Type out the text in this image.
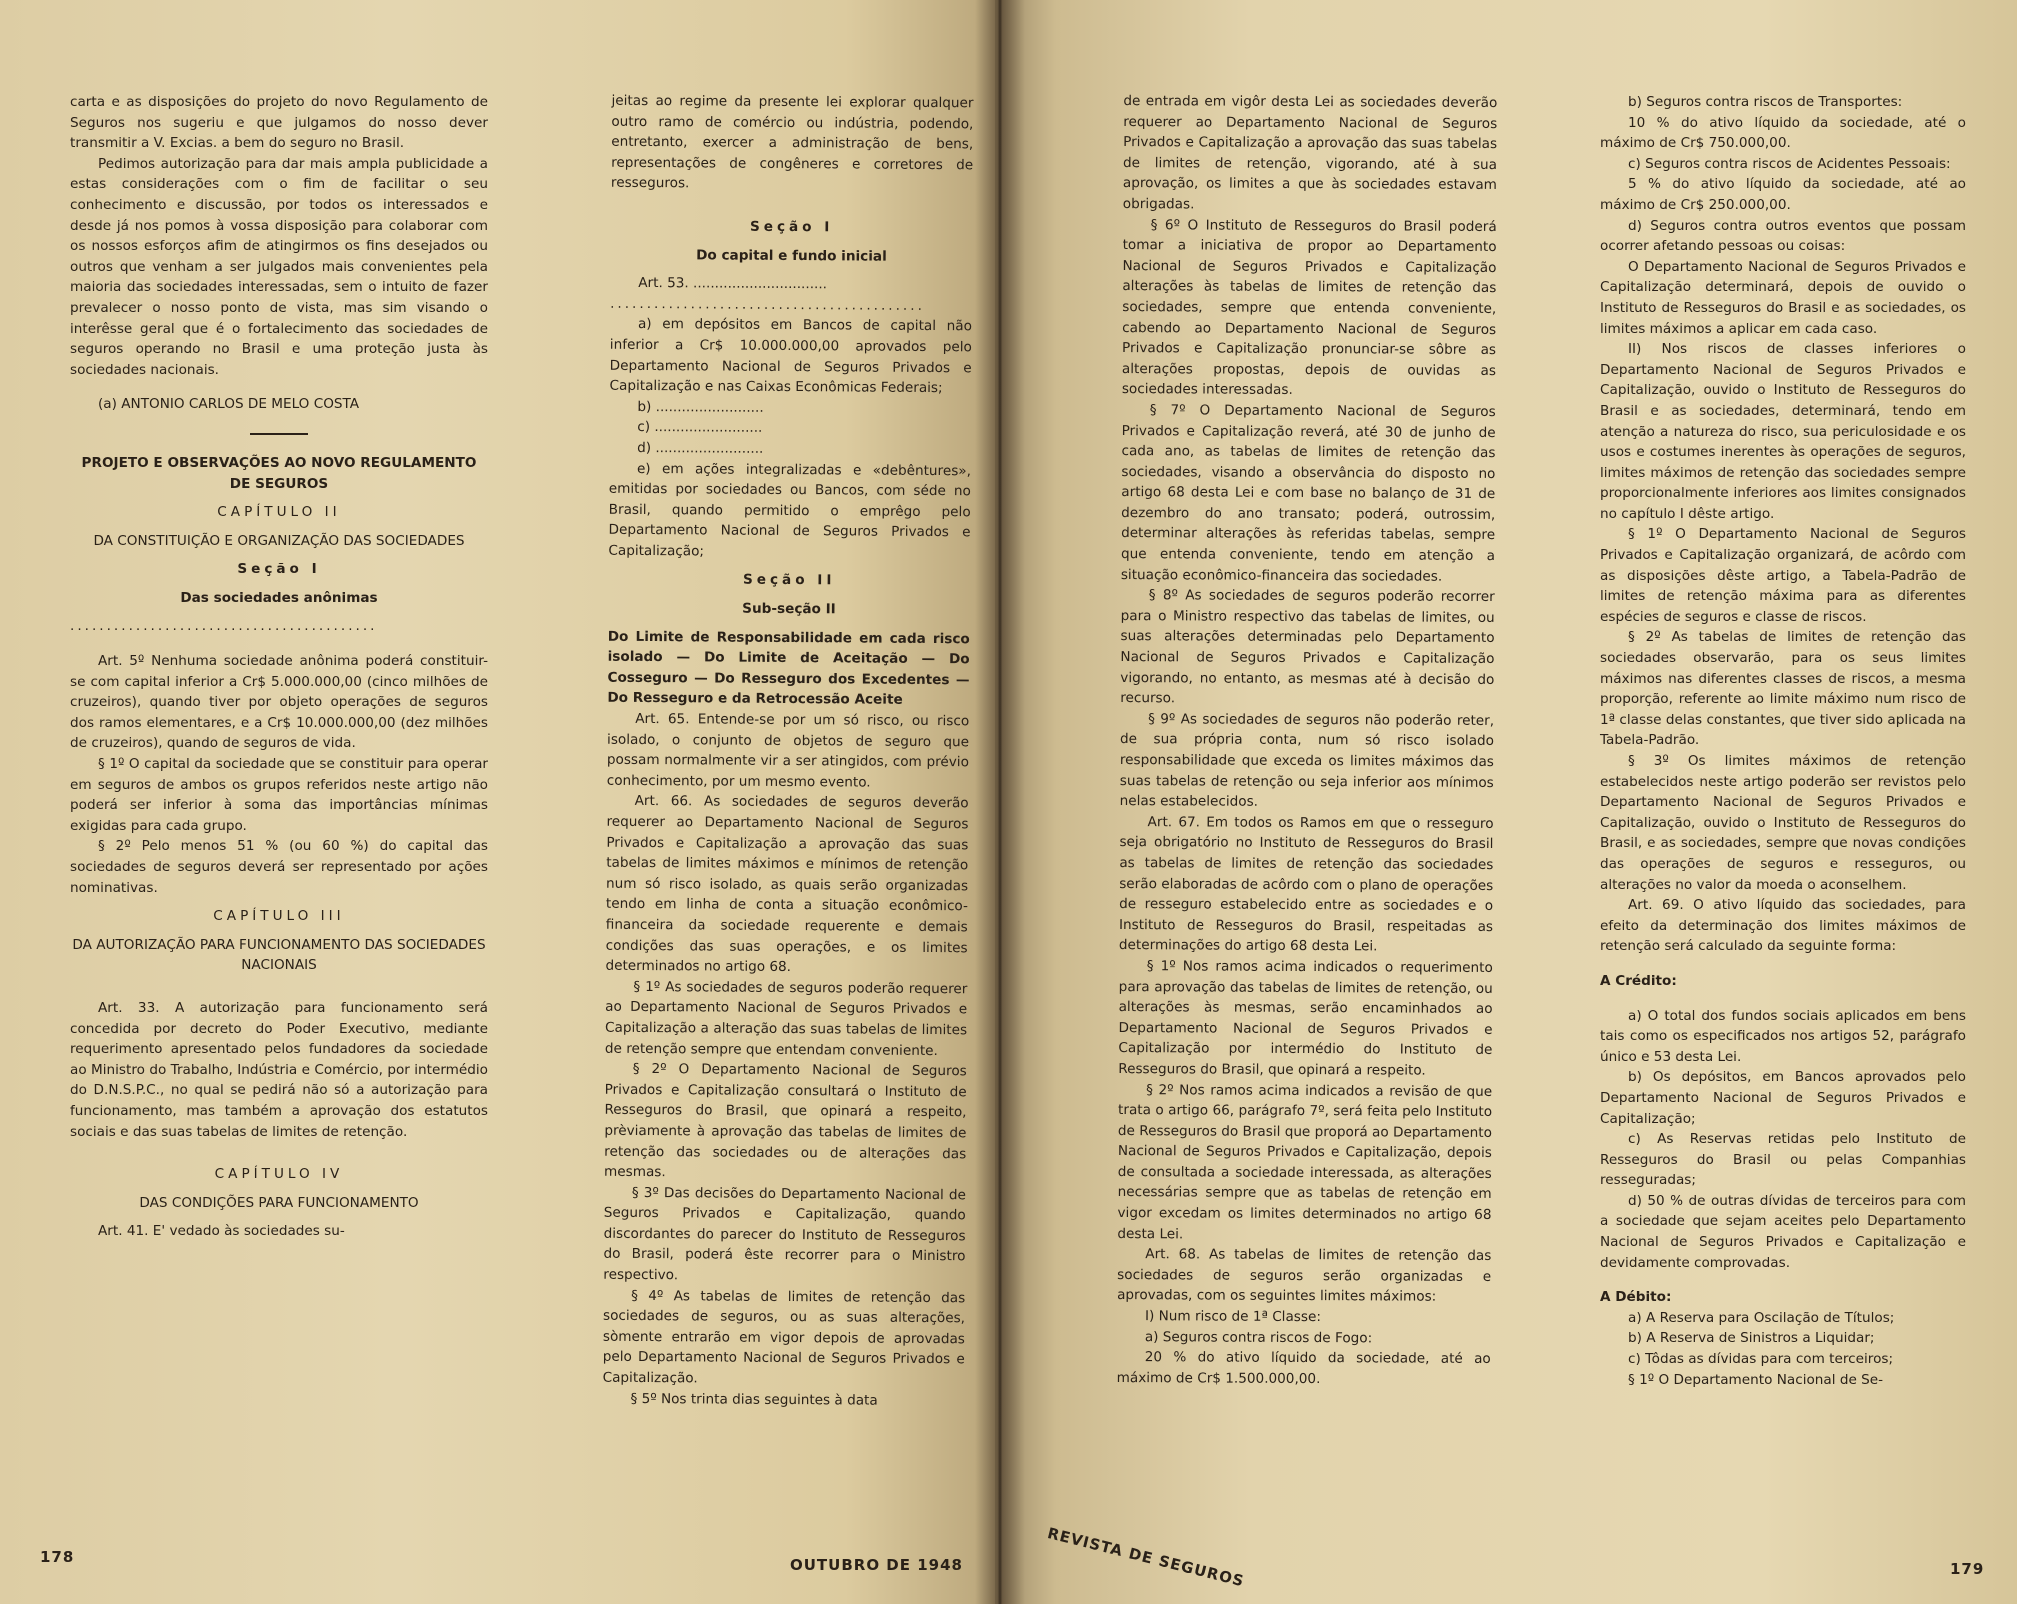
carta e as disposições do projeto do novo Regulamento de Seguros nos sugeriu e que julgamos do nosso dever transmitir a V. Excias. a bem do seguro no Brasil.

Pedimos autorização para dar mais ampla publicidade a estas considerações com o fim de facilitar o seu conhecimento e discussão, por todos os interessados e desde já nos pomos à vossa disposição para colaborar com os nossos esforços afim de atingirmos os fins desejados ou outros que venham a ser julgados mais convenientes pela maioria das sociedades interessadas, sem o intuito de fazer prevalecer o nosso ponto de vista, mas sim visando o interêsse geral que é o fortalecimento das sociedades de seguros operando no Brasil e uma proteção justa às sociedades nacionais.

(a) ANTONIO CARLOS DE MELO COSTA

PROJETO E OBSERVAÇÕES AO NOVO REGULAMENTO DE SEGUROS

CAPÍTULO II

DA CONSTITUIÇÃO E ORGANIZAÇÃO DAS SOCIEDADES

Seção I

Das sociedades anônimas

..........................................

Art. 5º Nenhuma sociedade anônima poderá constituir-se com capital inferior a Cr$ 5.000.000,00 (cinco milhões de cruzeiros), quando tiver por objeto operações de seguros dos ramos elementares, e a Cr$ 10.000.000,00 (dez milhões de cruzeiros), quando de seguros de vida.

§ 1º O capital da sociedade que se constituir para operar em seguros de ambos os grupos referidos neste artigo não poderá ser inferior à soma das importâncias mínimas exigidas para cada grupo.

§ 2º Pelo menos 51 % (ou 60 %) do capital das sociedades de seguros deverá ser representado por ações nominativas.

CAPÍTULO III

DA AUTORIZAÇÃO PARA FUNCIONAMENTO DAS SOCIEDADES NACIONAIS

Art. 33. A autorização para funcionamento será concedida por decreto do Poder Executivo, mediante requerimento apresentado pelos fundadores da sociedade ao Ministro do Trabalho, Indústria e Comércio, por intermédio do D.N.S.P.C., no qual se pedirá não só a autorização para funcionamento, mas também a aprovação dos estatutos sociais e das suas tabelas de limites de retenção.

CAPÍTULO IV

DAS CONDIÇÕES PARA FUNCIONAMENTO

Art. 41. E' vedado às sociedades su-

jeitas ao regime da presente lei explorar qualquer outro ramo de comércio ou indústria, podendo, entretanto, exercer a administração de bens, representações de congêneres e corretores de resseguros.

Seção I

Do capital e fundo inicial

Art. 53. ...............................

...........................................

a) em depósitos em Bancos de capital não inferior a Cr$ 10.000.000,00 aprovados pelo Departamento Nacional de Seguros Privados e Capitalização e nas Caixas Econômicas Federais;

b) .........................

c) .........................

d) .........................

e) em ações integralizadas e «debêntures», emitidas por sociedades ou Bancos, com séde no Brasil, quando permitido o emprêgo pelo Departamento Nacional de Seguros Privados e Capitalização;

Seção II

Sub-seção II

Do Limite de Responsabilidade em cada risco isolado — Do Limite de Aceitação — Do Cosseguro — Do Resseguro dos Excedentes — Do Resseguro e da Retrocessão Aceite

Art. 65. Entende-se por um só risco, ou risco isolado, o conjunto de objetos de seguro que possam normalmente vir a ser atingidos, com prévio conhecimento, por um mesmo evento.

Art. 66. As sociedades de seguros deverão requerer ao Departamento Nacional de Seguros Privados e Capitalização a aprovação das suas tabelas de limites máximos e mínimos de retenção num só risco isolado, as quais serão organizadas tendo em linha de conta a situação econômico-financeira da sociedade requerente e demais condições das suas operações, e os limites determinados no artigo 68.

§ 1º As sociedades de seguros poderão requerer ao Departamento Nacional de Seguros Privados e Capitalização a alteração das suas tabelas de limites de retenção sempre que entendam conveniente.

§ 2º O Departamento Nacional de Seguros Privados e Capitalização consultará o Instituto de Resseguros do Brasil, que opinará a respeito, prèviamente à aprovação das tabelas de limites de retenção das sociedades ou de alterações das mesmas.

§ 3º Das decisões do Departamento Nacional de Seguros Privados e Capitalização, quando discordantes do parecer do Instituto de Resseguros do Brasil, poderá êste recorrer para o Ministro respectivo.

§ 4º As tabelas de limites de retenção das sociedades de seguros, ou as suas alterações, sòmente entrarão em vigor depois de aprovadas pelo Departamento Nacional de Seguros Privados e Capitalização.

§ 5º Nos trinta dias seguintes à data

178	OUTUBRO DE 1948

de entrada em vigôr desta Lei as sociedades deverão requerer ao Departamento Nacional de Seguros Privados e Capitalização a aprovação das suas tabelas de limites de retenção, vigorando, até à sua aprovação, os limites a que às sociedades estavam obrigadas.

§ 6º O Instituto de Resseguros do Brasil poderá tomar a iniciativa de propor ao Departamento Nacional de Seguros Privados e Capitalização alterações às tabelas de limites de retenção das sociedades, sempre que entenda conveniente, cabendo ao Departamento Nacional de Seguros Privados e Capitalização pronunciar-se sôbre as alterações propostas, depois de ouvidas as sociedades interessadas.

§ 7º O Departamento Nacional de Seguros Privados e Capitalização reverá, até 30 de junho de cada ano, as tabelas de limites de retenção das sociedades, visando a observância do disposto no artigo 68 desta Lei e com base no balanço de 31 de dezembro do ano transato; poderá, outrossim, determinar alterações às referidas tabelas, sempre que entenda conveniente, tendo em atenção a situação econômico-financeira das sociedades.

§ 8º As sociedades de seguros poderão recorrer para o Ministro respectivo das tabelas de limites, ou suas alterações determinadas pelo Departamento Nacional de Seguros Privados e Capitalização vigorando, no entanto, as mesmas até à decisão do recurso.

§ 9º As sociedades de seguros não poderão reter, de sua própria conta, num só risco isolado responsabilidade que exceda os limites máximos das suas tabelas de retenção ou seja inferior aos mínimos nelas estabelecidos.

Art. 67. Em todos os Ramos em que o resseguro seja obrigatório no Instituto de Resseguros do Brasil as tabelas de limites de retenção das sociedades serão elaboradas de acôrdo com o plano de operações de resseguro estabelecido entre as sociedades e o Instituto de Resseguros do Brasil, respeitadas as determinações do artigo 68 desta Lei.

§ 1º Nos ramos acima indicados o requerimento para aprovação das tabelas de limites de retenção, ou alterações às mesmas, serão encaminhados ao Departamento Nacional de Seguros Privados e Capitalização por intermédio do Instituto de Resseguros do Brasil, que opinará a respeito.

§ 2º Nos ramos acima indicados a revisão de que trata o artigo 66, parágrafo 7º, será feita pelo Instituto de Resseguros do Brasil que proporá ao Departamento Nacional de Seguros Privados e Capitalização, depois de consultada a sociedade interessada, as alterações necessárias sempre que as tabelas de retenção em vigor excedam os limites determinados no artigo 68 desta Lei.

Art. 68. As tabelas de limites de retenção das sociedades de seguros serão organizadas e aprovadas, com os seguintes limites máximos:

I) Num risco de 1ª Classe:

a) Seguros contra riscos de Fogo:

20 % do ativo líquido da sociedade, até ao máximo de Cr$ 1.500.000,00.

b) Seguros contra riscos de Transportes:

10 % do ativo líquido da sociedade, até o máximo de Cr$ 750.000,00.

c) Seguros contra riscos de Acidentes Pessoais:

5 % do ativo líquido da sociedade, até ao máximo de Cr$ 250.000,00.

d) Seguros contra outros eventos que possam ocorrer afetando pessoas ou coisas:

O Departamento Nacional de Seguros Privados e Capitalização determinará, depois de ouvido o Instituto de Resseguros do Brasil e as sociedades, os limites máximos a aplicar em cada caso.

II) Nos riscos de classes inferiores o Departamento Nacional de Seguros Privados e Capitalização, ouvido o Instituto de Resseguros do Brasil e as sociedades, determinará, tendo em atenção a natureza do risco, sua periculosidade e os usos e costumes inerentes às operações de seguros, limites máximos de retenção das sociedades sempre proporcionalmente inferiores aos limites consignados no capítulo I dêste artigo.

§ 1º O Departamento Nacional de Seguros Privados e Capitalização organizará, de acôrdo com as disposições dêste artigo, a Tabela-Padrão de limites de retenção máxima para as diferentes espécies de seguros e classe de riscos.

§ 2º As tabelas de limites de retenção das sociedades observarão, para os seus limites máximos nas diferentes classes de riscos, a mesma proporção, referente ao limite máximo num risco de 1ª classe delas constantes, que tiver sido aplicada na Tabela-Padrão.

§ 3º Os limites máximos de retenção estabelecidos neste artigo poderão ser revistos pelo Departamento Nacional de Seguros Privados e Capitalização, ouvido o Instituto de Resseguros do Brasil, e as sociedades, sempre que novas condições das operações de seguros e resseguros, ou alterações no valor da moeda o aconselhem.

Art. 69. O ativo líquido das sociedades, para efeito da determinação dos limites máximos de retenção será calculado da seguinte forma:

A Crédito:

a) O total dos fundos sociais aplicados em bens tais como os especificados nos artigos 52, parágrafo único e 53 desta Lei.

b) Os depósitos, em Bancos aprovados pelo Departamento Nacional de Seguros Privados e Capitalização;

c) As Reservas retidas pelo Instituto de Resseguros do Brasil ou pelas Companhias resseguradas;

d) 50 % de outras dívidas de terceiros para com a sociedade que sejam aceites pelo Departamento Nacional de Seguros Privados e Capitalização e devidamente comprovadas.

A Débito:

a) A Reserva para Oscilação de Títulos;

b) A Reserva de Sinistros a Liquidar;

c) Tôdas as dívidas para com terceiros;

§ 1º O Departamento Nacional de Se-

REVISTA DE SEGUROS	179
